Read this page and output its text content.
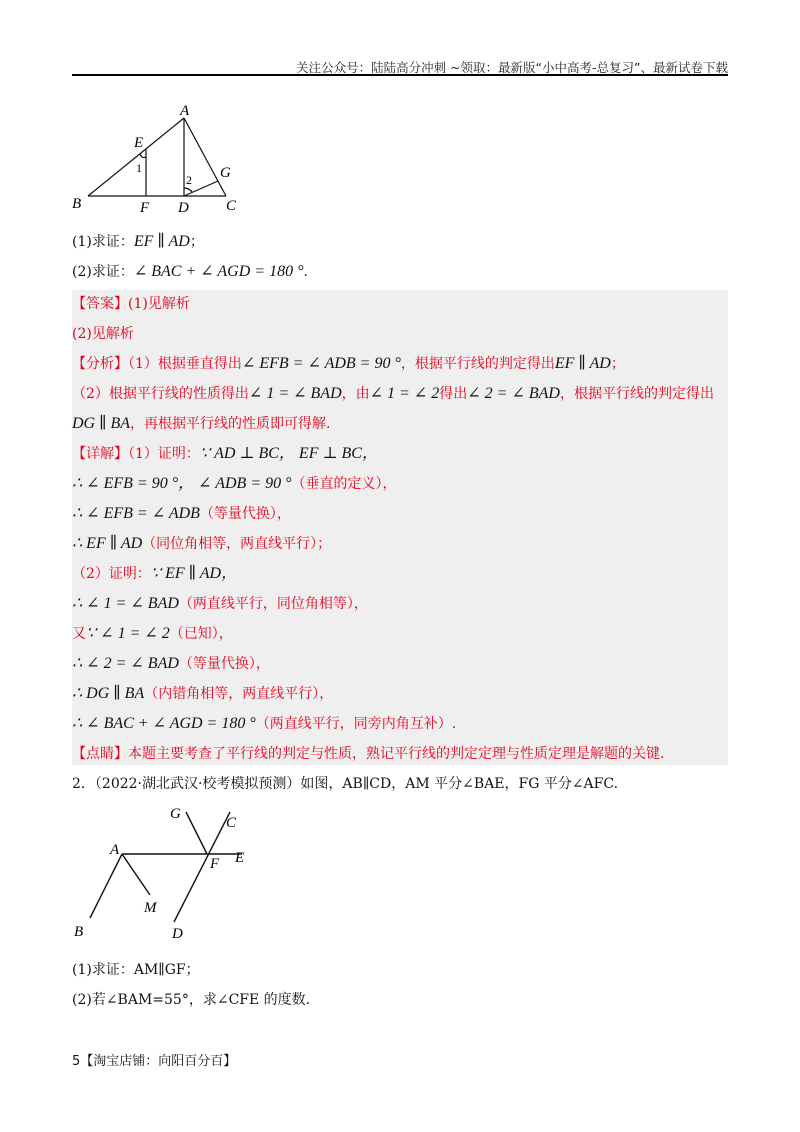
关注公众号：陆陆高分冲刺 ~领取：最新版“小中高考-总复习”、最新试卷下载
A
E
G
B	F D C
1
2
(1)求证：EF ∥ AD；
(2)求证：∠ BAC + ∠ AGD = 180 °.
【答案】(1)见解析
(2)见解析
【分析】（1）根据垂直得出∠ EFB = ∠ ADB = 90 °，根据平行线的判定得出EF ∥ AD；
（2）根据平行线的性质得出∠ 1 = ∠ BAD，由∠ 1 = ∠ 2得出∠ 2 = ∠ BAD，根据平行线的判定得出
DG ∥ BA，再根据平行线的性质即可得解.
【详解】（1）证明：∵ AD ⊥ BC， EF ⊥ BC，
∴ ∠ EFB = 90 °， ∠ ADB = 90 °（垂直的定义），
∴ ∠ EFB = ∠ ADB（等量代换），
∴ EF ∥ AD（同位角相等，两直线平行）；
（2）证明：∵ EF ∥ AD，
∴ ∠ 1 = ∠ BAD（两直线平行，同位角相等），
又∵ ∠ 1 = ∠ 2（已知），
∴ ∠ 2 = ∠ BAD（等量代换），
∴ DG ∥ BA（内错角相等，两直线平行），
∴ ∠ BAC + ∠ AGD = 180 °（两直线平行，同旁内角互补）.
【点睛】本题主要考查了平行线的判定与性质，熟记平行线的判定定理与性质定理是解题的关键.
2．（2022·湖北武汉·校考模拟预测）如图，AB∥CD，AM 平分∠BAE，FG 平分∠AFC.
G
C
A	E
F
M
B	D
(1)求证：AM∥GF；
(2)若∠BAM=55°，求∠CFE 的度数.
5【淘宝店铺：向阳百分百】
